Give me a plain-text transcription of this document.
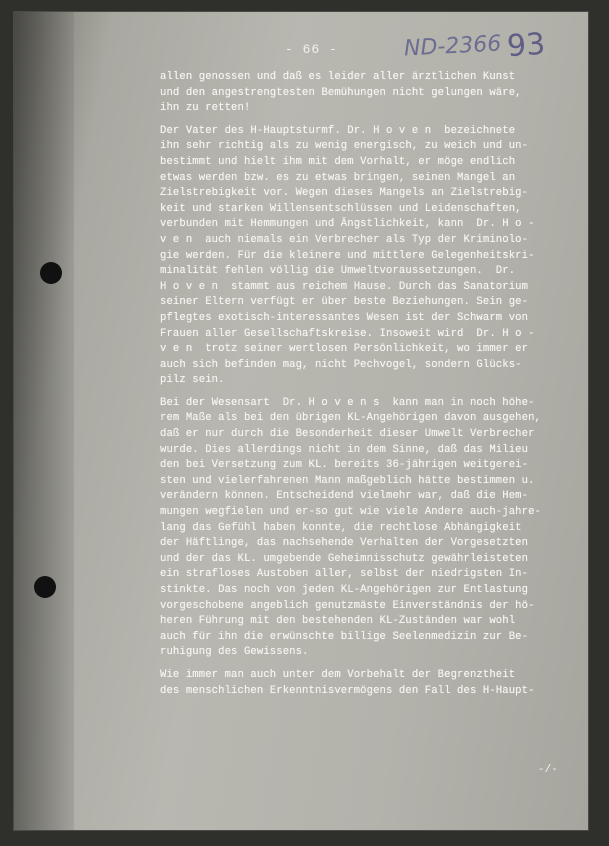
- 66 -	ND-2366 93
allen genossen und daß es leider aller ärztlichen Kunst
und den angestrengtesten Bemühungen nicht gelungen wäre,
ihn zu retten!
Der Vater des H-Hauptsturmf. Dr. H o v e n  bezeichnete
ihn sehr richtig als zu wenig energisch, zu weich und un-
bestimmt und hielt ihm mit dem Vorhalt, er möge endlich
etwas werden bzw. es zu etwas bringen, seinen Mangel an
Zielstrebigkeit vor. Wegen dieses Mangels an Zielstrebig-
keit und starken Willensentschlüssen und Leidenschaften,
verbunden mit Hemmungen und Ängstlichkeit, kann  Dr. H o -
v e n  auch niemals ein Verbrecher als Typ der Kriminolo-
gie werden. Für die kleinere und mittlere Gelegenheitskri-
minalität fehlen völlig die Umweltvoraussetzungen.  Dr.
H o v e n  stammt aus reichem Hause. Durch das Sanatorium
seiner Eltern verfügt er über beste Beziehungen. Sein ge-
pflegtes exotisch-interessantes Wesen ist der Schwarm von
Frauen aller Gesellschaftskreise. Insoweit wird  Dr. H o -
v e n  trotz seiner wertlosen Persönlichkeit, wo immer er
auch sich befinden mag, nicht Pechvogel, sondern Glücks-
pilz sein.
Bei der Wesensart  Dr. H o v e n s  kann man in noch höhe-
rem Maße als bei den übrigen KL-Angehörigen davon ausgehen,
daß er nur durch die Besonderheit dieser Umwelt Verbrecher
wurde. Dies allerdings nicht in dem Sinne, daß das Milieu
den bei Versetzung zum KL. bereits 36-jährigen weitgerei-
sten und vielerfahrenen Mann maßgeblich hätte bestimmen u.
verändern können. Entscheidend vielmehr war, daß die Hem-
mungen wegfielen und er-so gut wie viele Andere auch-jahre-
lang das Gefühl haben konnte, die rechtlose Abhängigkeit
der Häftlinge, das nachsehende Verhalten der Vorgesetzten
und der das KL. umgebende Geheimnisschutz gewährleisteten
ein strafloses Austoben aller, selbst der niedrigsten In-
stinkte. Das noch von jeden KL-Angehörigen zur Entlastung
vorgeschobene angeblich genutzmäste Einverständnis der hö-
heren Führung mit den bestehenden KL-Zuständen war wohl
auch für ihn die erwünschte billige Seelenmedizin zur Be-
ruhigung des Gewissens.
Wie immer man auch unter dem Vorbehalt der Begrenztheit
des menschlichen Erkenntnisvermögens den Fall des H-Haupt-
-/-
